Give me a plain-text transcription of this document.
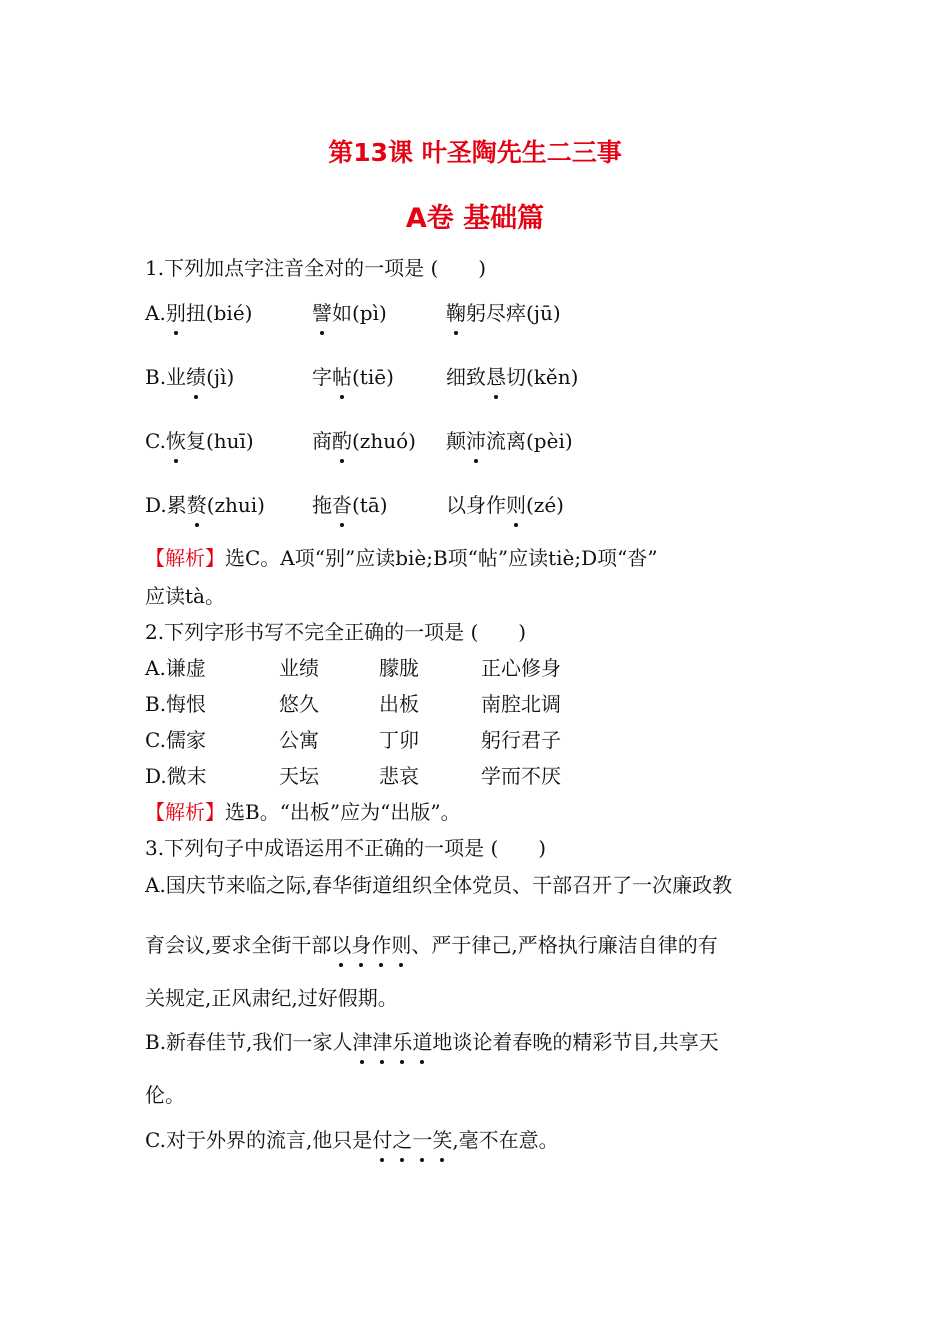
第13课 叶圣陶先生二三事
A卷 基础篇
1.下列加点字注音全对的一项是 (　　)
A.别扭(bié)	譬如(pì)	鞠躬尽瘁(jū)
B.业绩(jì)	字帖(tiē)	细致恳切(kěn)
C.恢复(huī)	商酌(zhuó) 颠沛流离(pèi)
D.累赘(zhui) 拖沓(tā)	以身作则(zé)
【解析】选C。A项“别”应读biè;B项“帖”应读tiè;D项“沓”
应读tà。
2.下列字形书写不完全正确的一项是 (　　)
A.谦虚	业绩	朦胧	正心修身
B.悔恨	悠久	出板	南腔北调
C.儒家	公寓	丁卯	躬行君子
D.微末	天坛	悲哀	学而不厌
【解析】选B。“出板”应为“出版”。
3.下列句子中成语运用不正确的一项是 (　　)
A.国庆节来临之际,春华街道组织全体党员、干部召开了一次廉政教
育会议,要求全街干部以身作则、严于律己,严格执行廉洁自律的有
关规定,正风肃纪,过好假期。
B.新春佳节,我们一家人津津乐道地谈论着春晚的精彩节目,共享天
伦。
C.对于外界的流言,他只是付之一笑,毫不在意。
